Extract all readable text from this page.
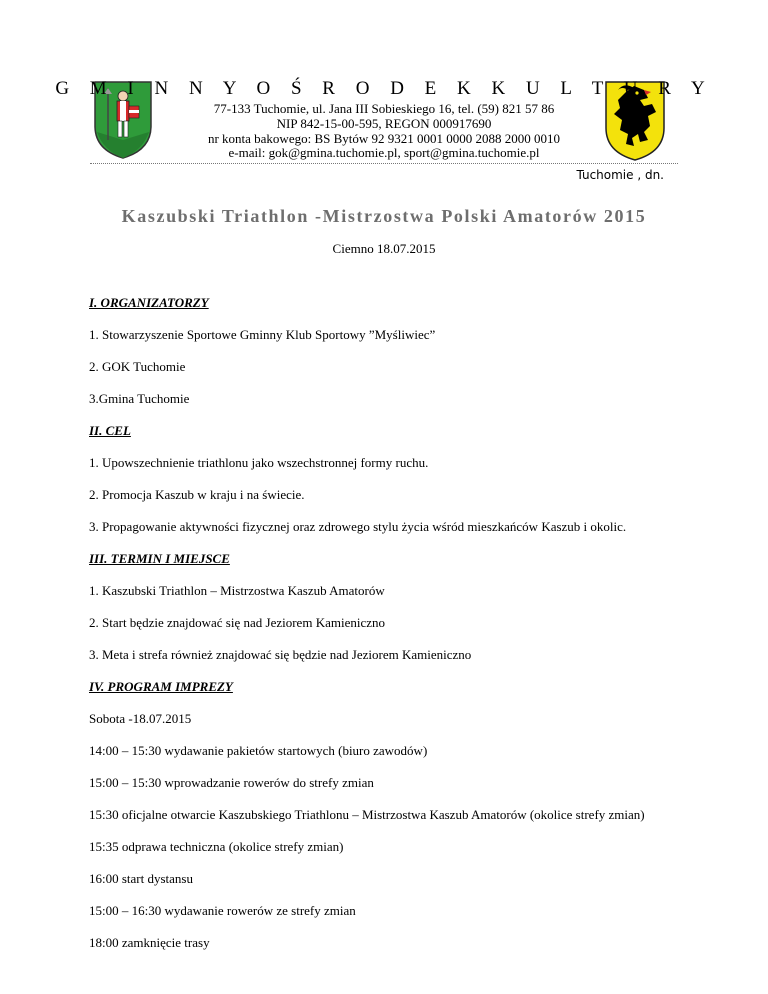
G M I N N Y O Ś R O D E K K U L T U R Y
77-133 Tuchomie, ul. Jana III Sobieskiego 16, tel. (59) 821 57 86
NIP 842-15-00-595, REGON 000917690
nr konta bakowego: BS Bytów 92 9321 0001 0000 2088 2000 0010
e-mail: gok@gmina.tuchomie.pl, sport@gmina.tuchomie.pl
Tuchomie , dn.
Kaszubski Triathlon -Mistrzostwa Polski Amatorów 2015
Ciemno 18.07.2015
I. ORGANIZATORZY
1. Stowarzyszenie Sportowe Gminny Klub Sportowy ”Myśliwiec”
2. GOK Tuchomie
3.Gmina Tuchomie
II. CEL
1. Upowszechnienie triathlonu jako wszechstronnej formy ruchu.
2. Promocja Kaszub w kraju i na świecie.
3. Propagowanie aktywności fizycznej oraz zdrowego stylu życia wśród mieszkańców Kaszub i okolic.
III. TERMIN I MIEJSCE
1. Kaszubski Triathlon – Mistrzostwa Kaszub Amatorów
2. Start będzie znajdować się nad Jeziorem Kamieniczno
3. Meta i strefa również znajdować się będzie nad Jeziorem Kamieniczno
IV. PROGRAM IMPREZY
Sobota -18.07.2015
14:00 – 15:30 wydawanie pakietów startowych (biuro zawodów)
15:00 – 15:30 wprowadzanie rowerów do strefy zmian
15:30 oficjalne otwarcie Kaszubskiego Triathlonu – Mistrzostwa Kaszub Amatorów (okolice strefy zmian)
15:35 odprawa techniczna (okolice strefy zmian)
16:00 start dystansu
15:00 – 16:30 wydawanie rowerów ze strefy zmian
18:00 zamknięcie trasy
